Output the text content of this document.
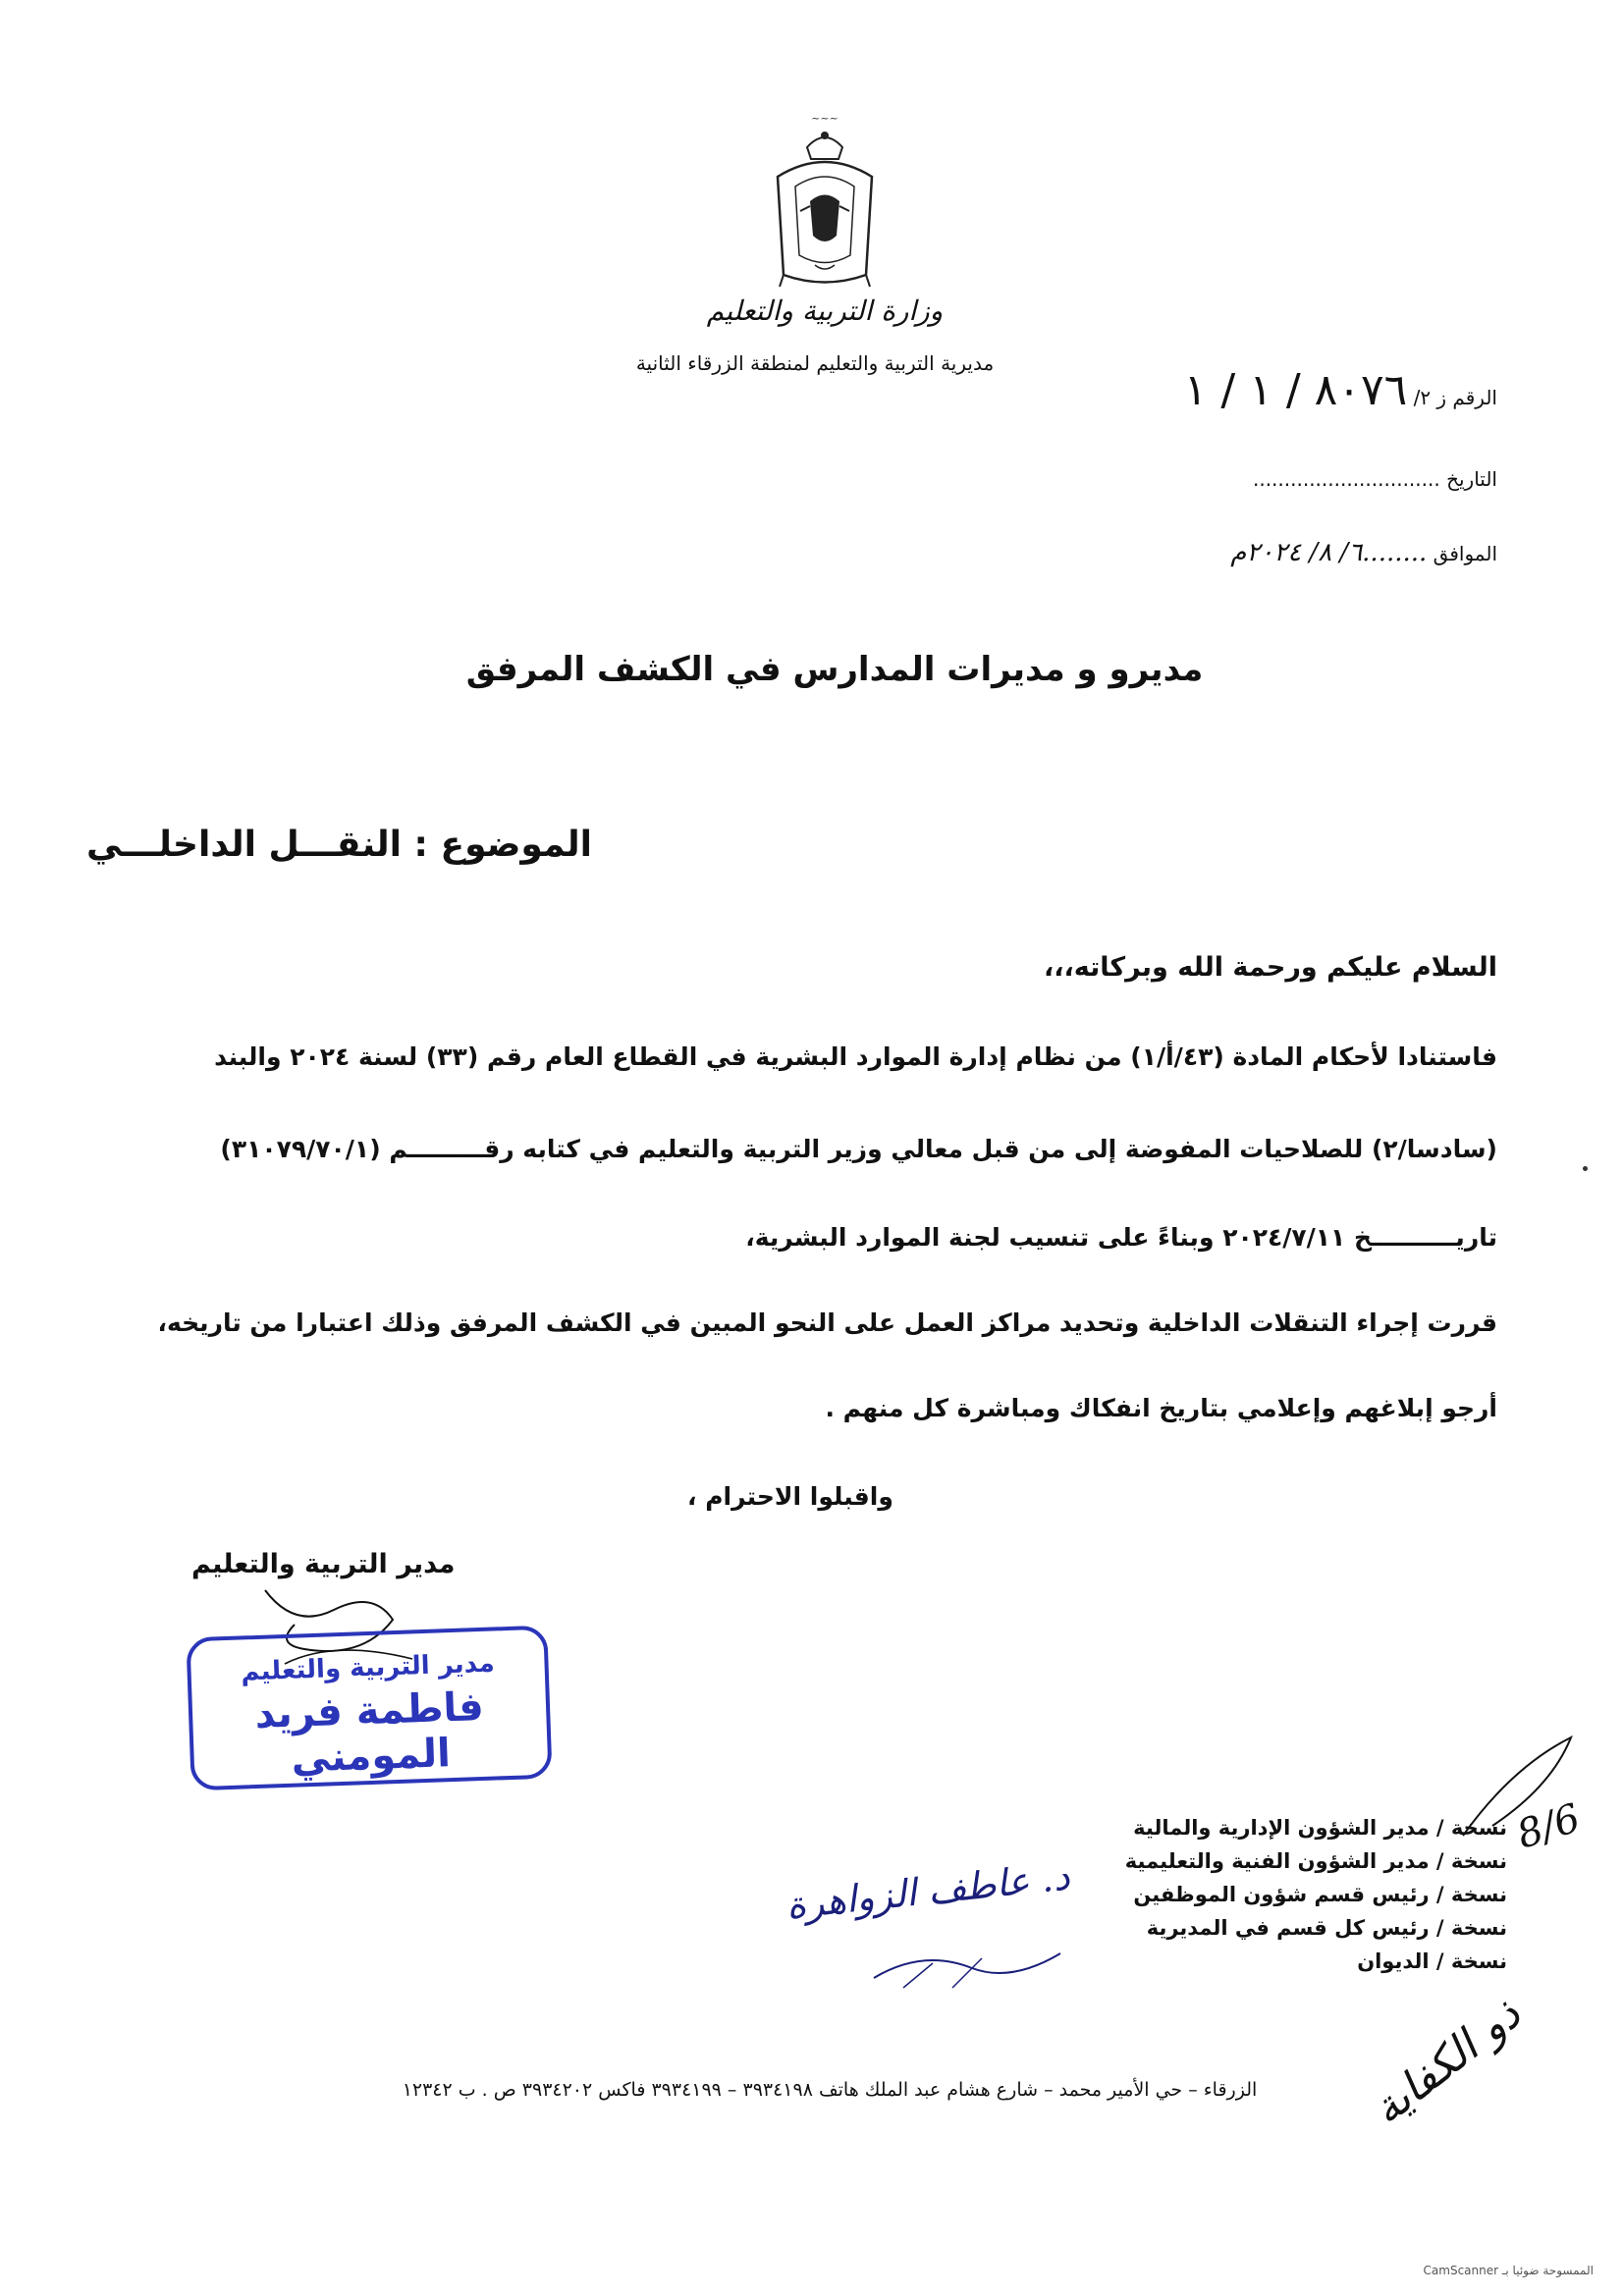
~~~
وزارة التربية والتعليم
مديرية التربية والتعليم لمنطقة الزرقاء الثانية
الرقم ز ٢/ ٨٠٧٦ / ١ / ١
التاريخ ..............................
الموافق ........٦/ ٨/ ٢٠٢٤م
مديرو و مديرات المدارس في الكشف المرفق
الموضوع : النقـــل الداخلـــي
السلام عليكم ورحمة الله وبركاته،،،
فاستنادا لأحكام المادة (٤٣/أ/١) من نظام إدارة الموارد البشرية في القطاع العام رقم (٣٣) لسنة ٢٠٢٤ والبند
(سادسا/٢) للصلاحيات المفوضة إلى من قبل معالي وزير التربية والتعليم في كتابه رقـــــــــم (٣١٠٧٩/٧٠/١)
تاريــــــــــخ ٢٠٢٤/٧/١١ وبناءً على تنسيب لجنة الموارد البشرية،
قررت إجراء التنقلات الداخلية وتحديد مراكز العمل على النحو المبين في الكشف المرفق وذلك اعتبارا من تاريخه،
أرجو إبلاغهم وإعلامي بتاريخ انفكاك ومباشرة كل منهم .
واقبلوا الاحترام ،
مدير التربية والتعليم
مدير التربية والتعليم
فاطمة فريد المومني
نسخة / مدير الشؤون الإدارية والمالية
نسخة / مدير الشؤون الفنية والتعليمية
نسخة / رئيس قسم شؤون الموظفين
نسخة / رئيس كل قسم في المديرية
نسخة / الديوان
د. عاطف الزواهرة
8/6
ذو الكفاية
الزرقاء – حي الأمير محمد – شارع هشام عبد الملك هاتف ٣٩٣٤١٩٨ – ٣٩٣٤١٩٩ فاكس ٣٩٣٤٢٠٢ ص . ب ١٢٣٤٢
الممسوحة ضوئيا بـ CamScanner
